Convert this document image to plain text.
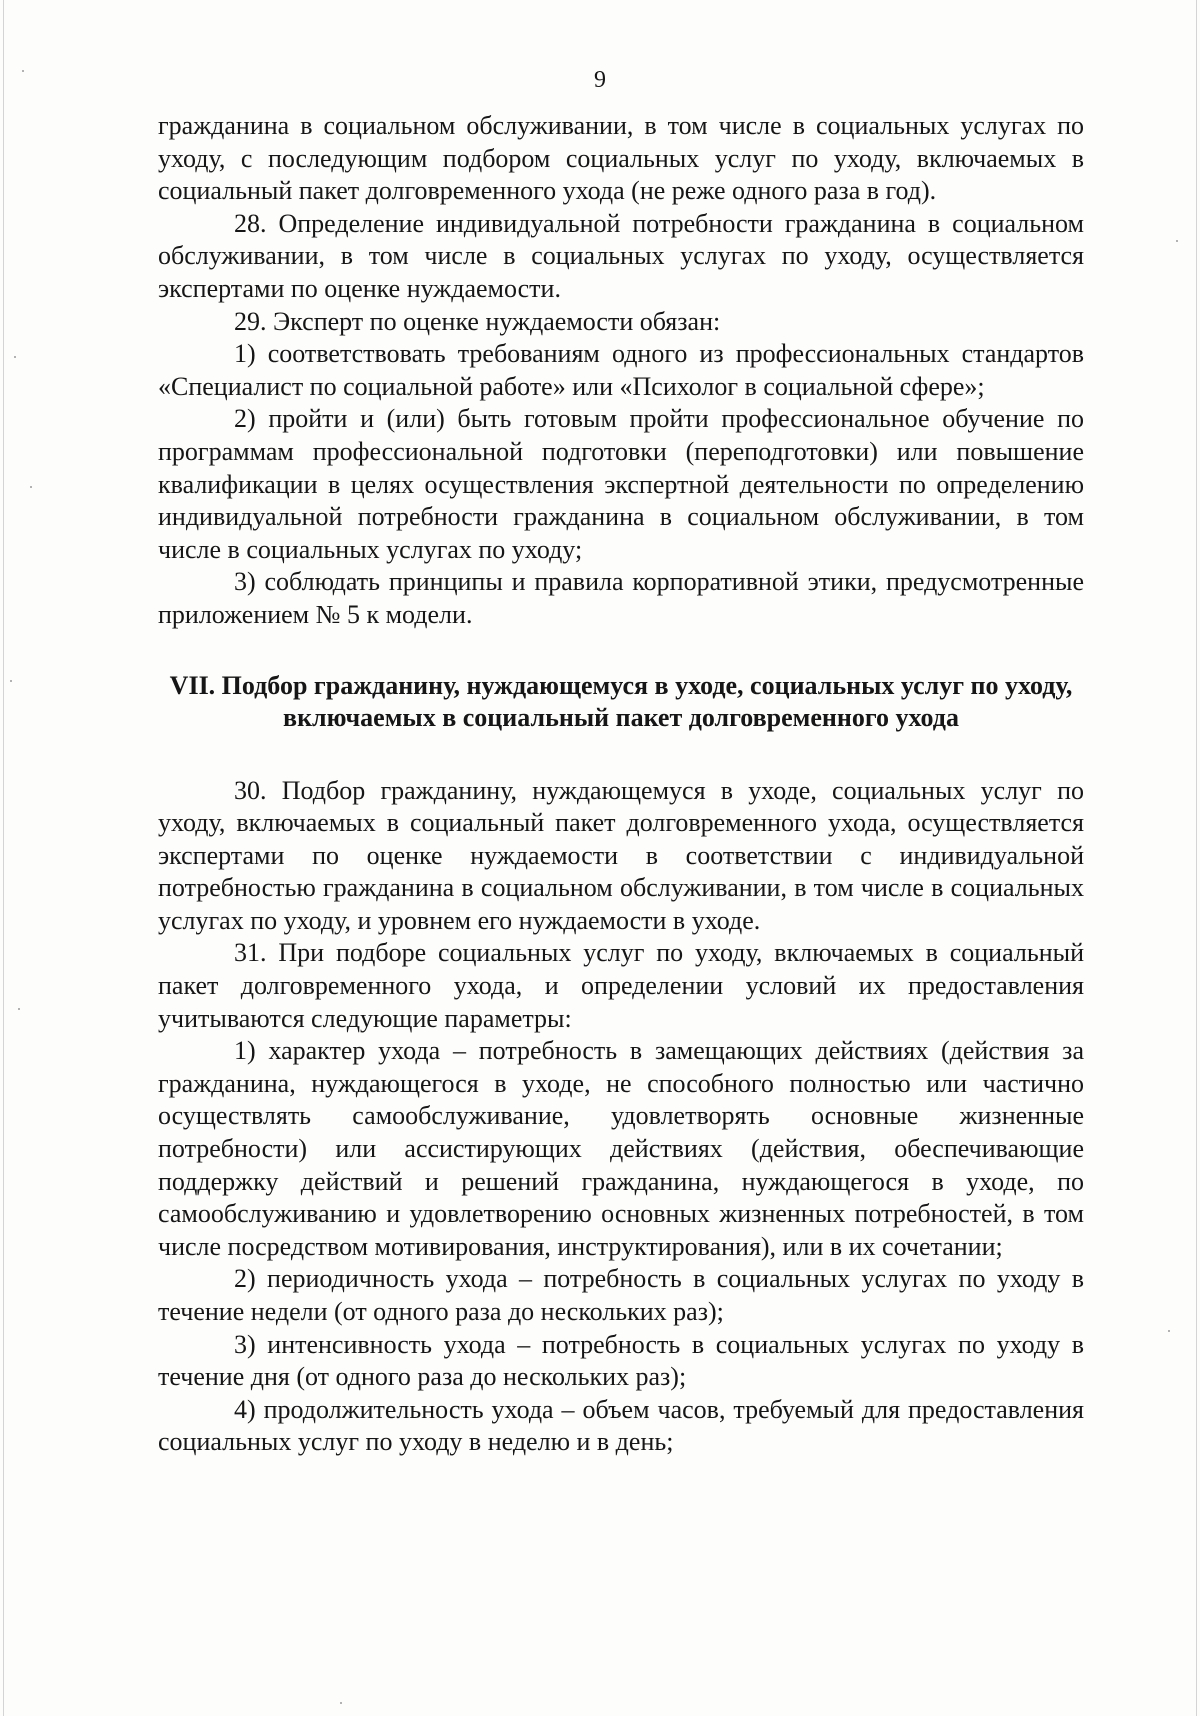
9

гражданина в социальном обслуживании, в том числе в социальных услугах по уходу, с последующим подбором социальных услуг по уходу, включаемых в социальный пакет долговременного ухода (не реже одного раза в год).

28. Определение индивидуальной потребности гражданина в социальном обслуживании, в том числе в социальных услугах по уходу, осуществляется экспертами по оценке нуждаемости.

29. Эксперт по оценке нуждаемости обязан:

1) соответствовать требованиям одного из профессиональных стандартов «Специалист по социальной работе» или «Психолог в социальной сфере»;

2) пройти и (или) быть готовым пройти профессиональное обучение по программам профессиональной подготовки (переподготовки) или повышение квалификации в целях осуществления экспертной деятельности по определению индивидуальной потребности гражданина в социальном обслуживании, в том числе в социальных услугах по уходу;

3) соблюдать принципы и правила корпоративной этики, предусмотренные приложением № 5 к модели.

VII. Подбор гражданину, нуждающемуся в уходе, социальных услуг по уходу, включаемых в социальный пакет долговременного ухода

30. Подбор гражданину, нуждающемуся в уходе, социальных услуг по уходу, включаемых в социальный пакет долговременного ухода, осуществляется экспертами по оценке нуждаемости в соответствии с индивидуальной потребностью гражданина в социальном обслуживании, в том числе в социальных услугах по уходу, и уровнем его нуждаемости в уходе.

31. При подборе социальных услуг по уходу, включаемых в социальный пакет долговременного ухода, и определении условий их предоставления учитываются следующие параметры:

1) характер ухода – потребность в замещающих действиях (действия за гражданина, нуждающегося в уходе, не способного полностью или частично осуществлять самообслуживание, удовлетворять основные жизненные потребности) или ассистирующих действиях (действия, обеспечивающие поддержку действий и решений гражданина, нуждающегося в уходе, по самообслуживанию и удовлетворению основных жизненных потребностей, в том числе посредством мотивирования, инструктирования), или в их сочетании;

2) периодичность ухода – потребность в социальных услугах по уходу в течение недели (от одного раза до нескольких раз);

3) интенсивность ухода – потребность в социальных услугах по уходу в течение дня (от одного раза до нескольких раз);

4) продолжительность ухода – объем часов, требуемый для предоставления социальных услуг по уходу в неделю и в день;
